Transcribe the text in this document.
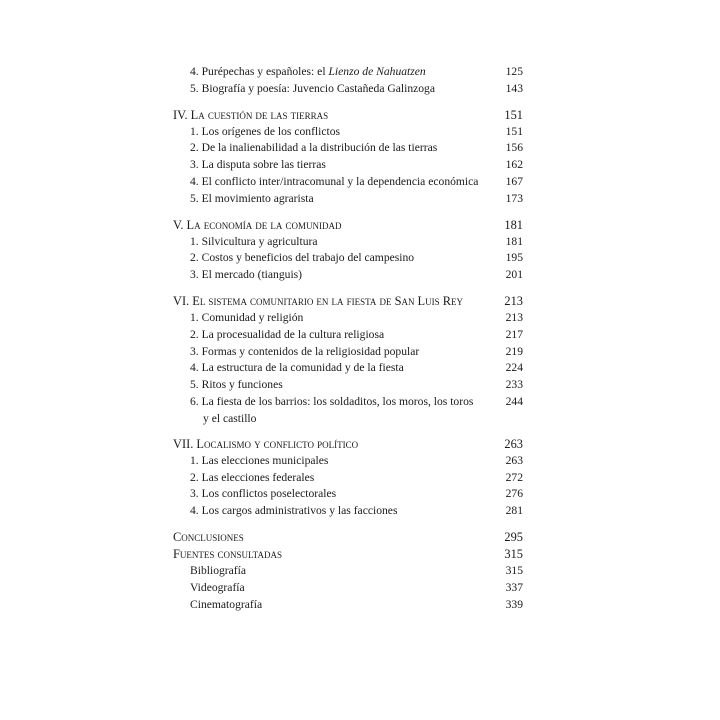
4. Purépechas y españoles: el Lienzo de Nahuatzen	125
5. Biografía y poesía: Juvencio Castañeda Galinzoga	143
IV. La cuestión de las tierras	151
1. Los orígenes de los conflictos	151
2. De la inalienabilidad a la distribución de las tierras	156
3. La disputa sobre las tierras	162
4. El conflicto inter/intracomunal y la dependencia económica	167
5. El movimiento agrarista	173
V. La economía de la comunidad	181
1. Silvicultura y agricultura	181
2. Costos y beneficios del trabajo del campesino	195
3. El mercado (tianguis)	201
VI. El sistema comunitario en la fiesta de San Luis Rey	213
1. Comunidad y religión	213
2. La procesualidad de la cultura religiosa	217
3. Formas y contenidos de la religiosidad popular	219
4. La estructura de la comunidad y de la fiesta	224
5. Ritos y funciones	233
6. La fiesta de los barrios: los soldaditos, los moros, los toros	244
y el castillo
VII. Localismo y conflicto político	263
1. Las elecciones municipales	263
2. Las elecciones federales	272
3. Los conflictos poselectorales	276
4. Los cargos administrativos y las facciones	281
Conclusiones	295
Fuentes consultadas	315
Bibliografía	315
Videografía	337
Cinematografía	339
